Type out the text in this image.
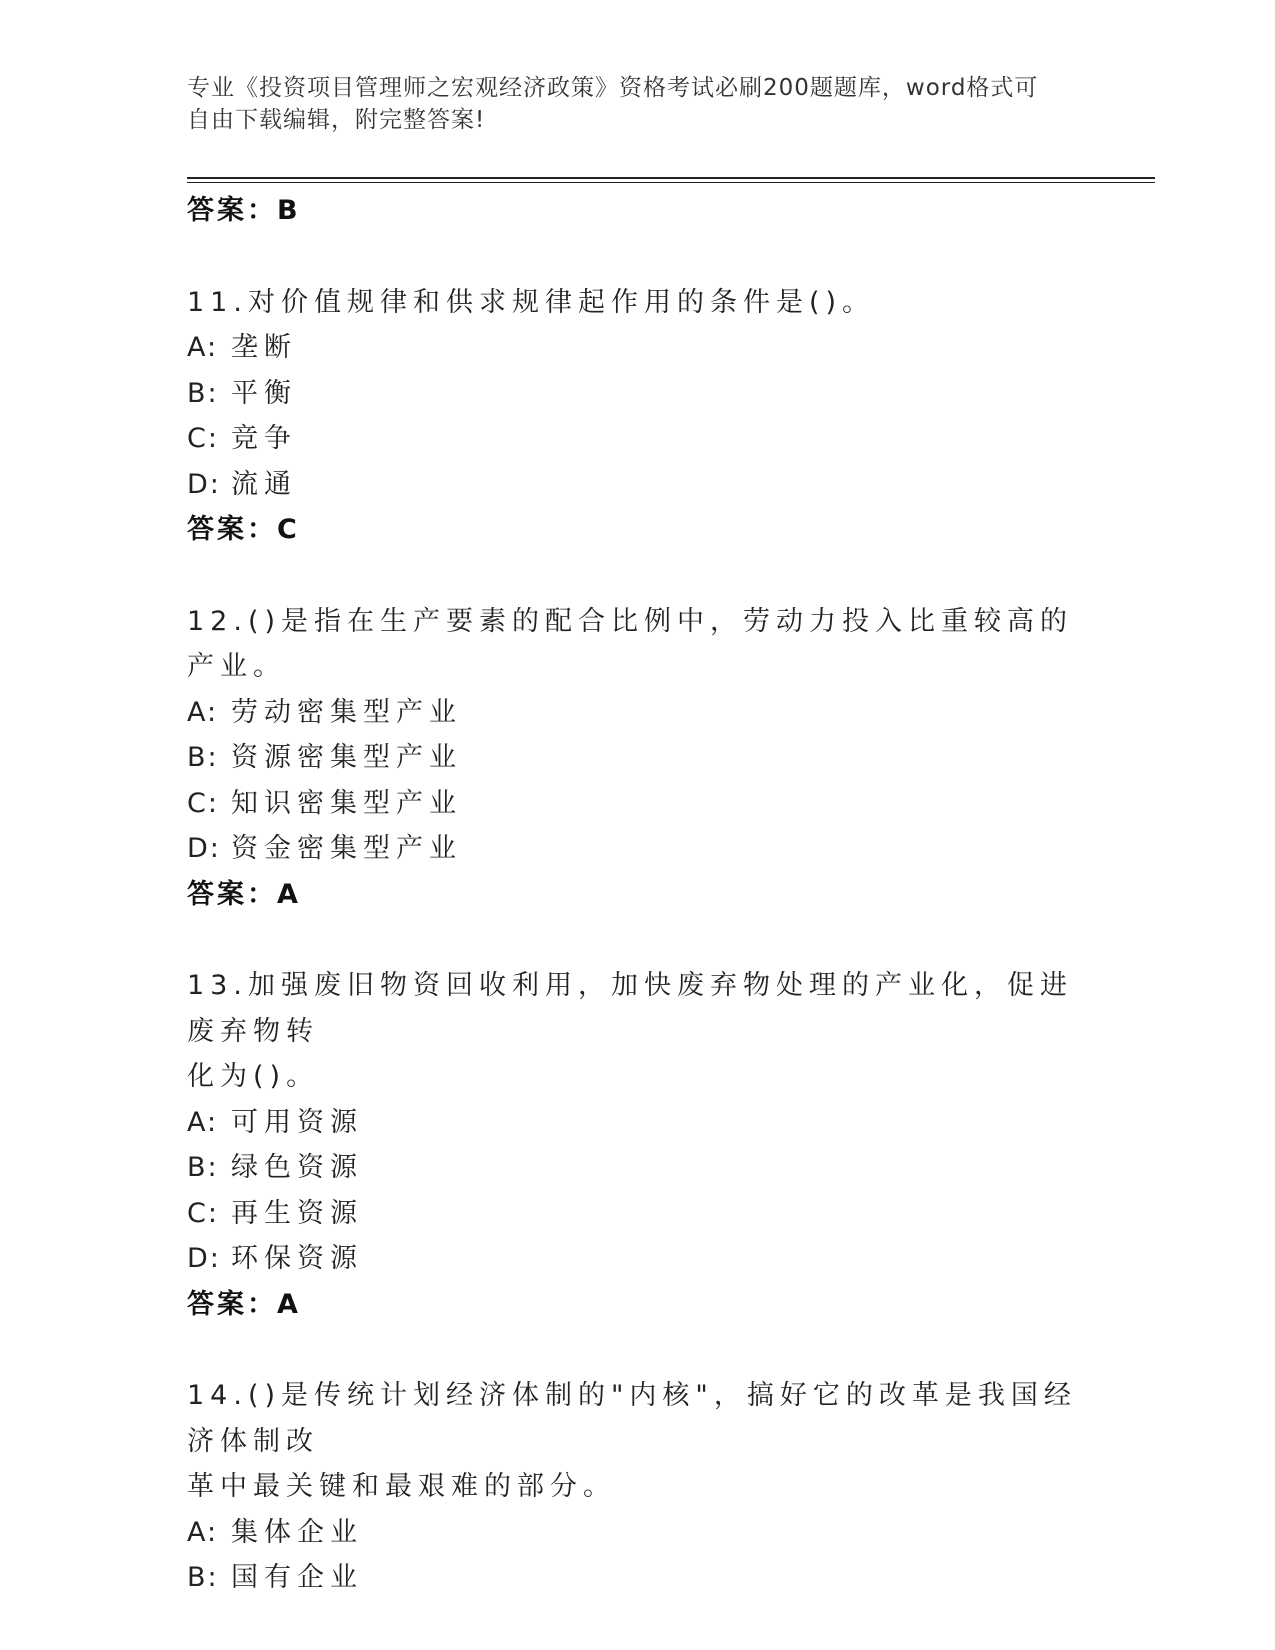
专业《投资项目管理师之宏观经济政策》资格考试必刷200题题库，word格式可
自由下载编辑，附完整答案!
答案：B
11.对价值规律和供求规律起作用的条件是()。
A: 垄断
B: 平衡
C: 竞争
D: 流通
答案：C
12.()是指在生产要素的配合比例中，劳动力投入比重较高的产业。
A: 劳动密集型产业
B: 资源密集型产业
C: 知识密集型产业
D: 资金密集型产业
答案：A
13.加强废旧物资回收利用，加快废弃物处理的产业化，促进废弃物转
化为()。
A: 可用资源
B: 绿色资源
C: 再生资源
D: 环保资源
答案：A
14.()是传统计划经济体制的"内核"，搞好它的改革是我国经济体制改
革中最关键和最艰难的部分。
A: 集体企业
B: 国有企业
